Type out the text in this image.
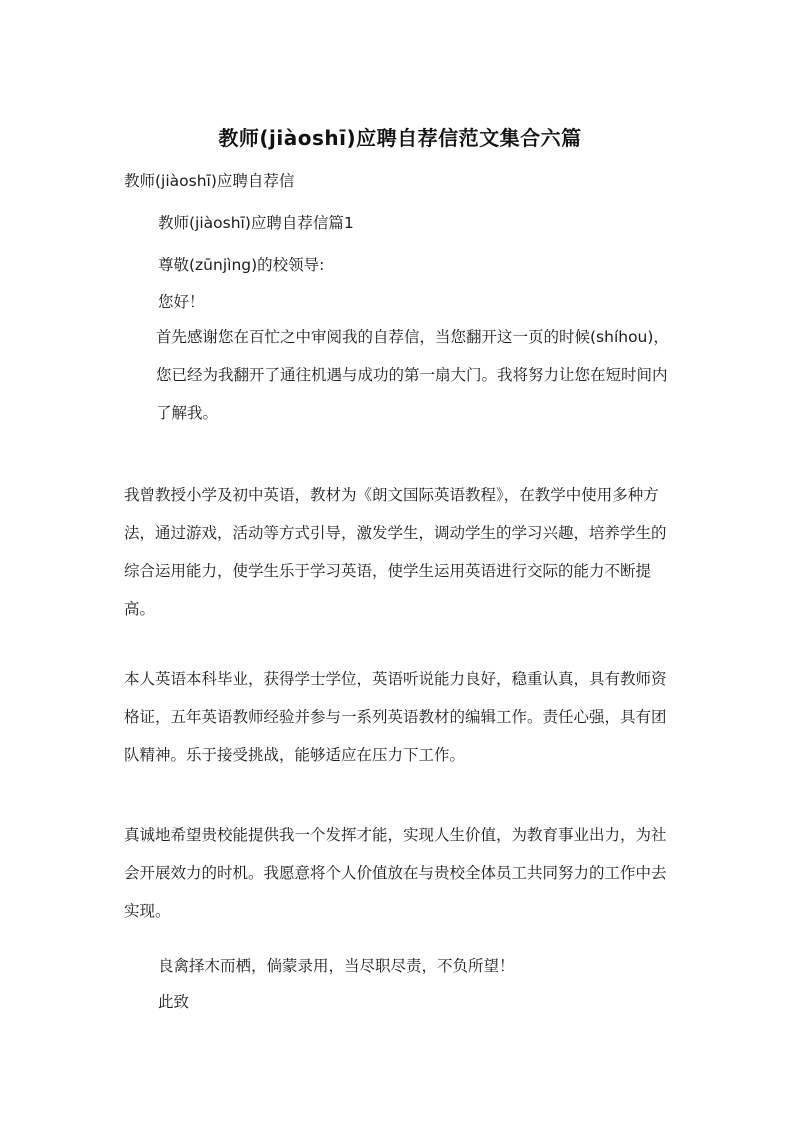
教师(jiàoshī)应聘自荐信范文集合六篇
教师(jiàoshī)应聘自荐信
教师(jiàoshī)应聘自荐信篇1
尊敬(zūnjìng)的校领导:
您好！
首先感谢您在百忙之中审阅我的自荐信，当您翻开这一页的时候(shíhou)，您已经为我翻开了通往机遇与成功的第一扇大门。我将努力让您在短时间内了解我。
我曾教授小学及初中英语，教材为《朗文国际英语教程》，在教学中使用多种方法，通过游戏，活动等方式引导，激发学生，调动学生的学习兴趣，培养学生的综合运用能力，使学生乐于学习英语，使学生运用英语进行交际的能力不断提高。
本人英语本科毕业，获得学士学位，英语听说能力良好，稳重认真，具有教师资格证，五年英语教师经验并参与一系列英语教材的编辑工作。责任心强，具有团队精神。乐于接受挑战，能够适应在压力下工作。
真诚地希望贵校能提供我一个发挥才能，实现人生价值，为教育事业出力，为社会开展效力的时机。我愿意将个人价值放在与贵校全体员工共同努力的工作中去实现。
良禽择木而栖，倘蒙录用，当尽职尽责，不负所望！
此致
